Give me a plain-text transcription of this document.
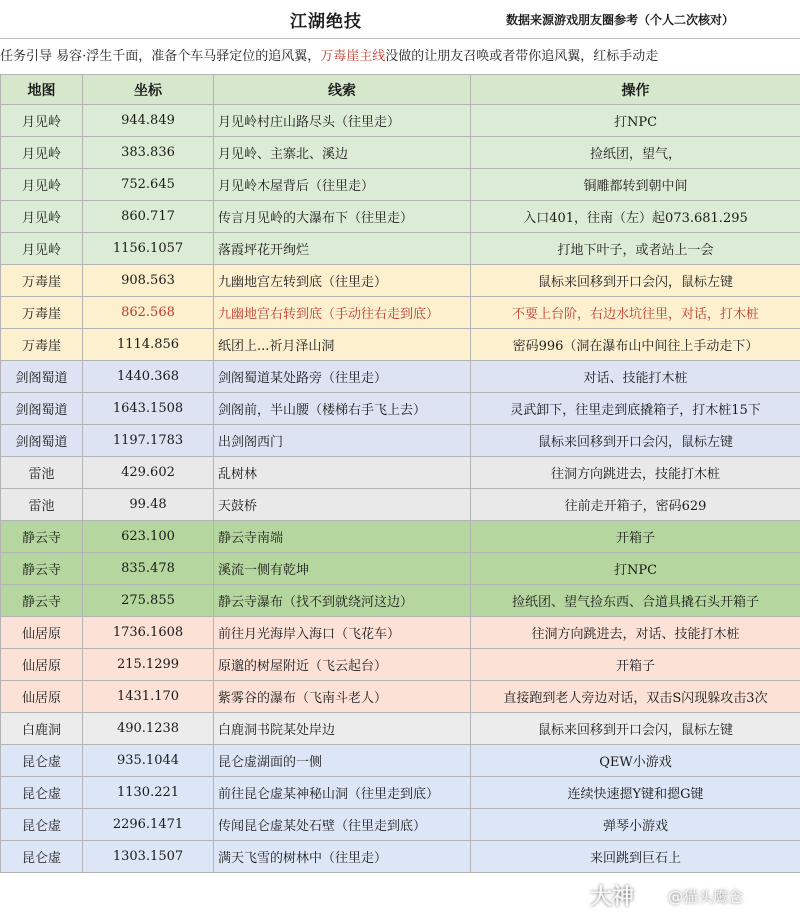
江湖绝技	数据来源游戏朋友圈参考（个人二次核对）
任务引导 易容·浮生千面，准备个车马驿定位的追风翼，万毒崖主线没做的让朋友召唤或者带你追风翼，红标手动走
地图	坐标	线索	操作
月见岭	944.849	月见岭村庄山路尽头（往里走）	打NPC
月见岭	383.836	月见岭、主寨北、溪边	捡纸团，望气，
月见岭	752.645	月见岭木屋背后（往里走）	铜雕都转到朝中间
月见岭	860.717	传言月见岭的大瀑布下（往里走）	入口401，往南（左）起073.681.295
月见岭	1156.1057	落霞坪花开绚烂	打地下叶子，或者站上一会
万毒崖	908.563	九幽地宫左转到底（往里走）	鼠标来回移到开口会闪，鼠标左键
万毒崖	862.568	九幽地宫右转到底（手动往右走到底）	不要上台阶，右边水坑往里，对话，打木桩
万毒崖	1114.856	纸团上...祈月泽山洞	密码996（洞在瀑布山中间往上手动走下）
剑阁蜀道	1440.368	剑阁蜀道某处路旁（往里走）	对话、技能打木桩
剑阁蜀道	1643.1508	剑阁前，半山腰（楼梯右手飞上去）	灵武卸下，往里走到底撬箱子，打木桩15下
剑阁蜀道	1197.1783	出剑阁西门	鼠标来回移到开口会闪，鼠标左键
雷池	429.602	乱树林	往洞方向跳进去，技能打木桩
雷池	99.48	天鼓桥	往前走开箱子，密码629
静云寺	623.100	静云寺南端	开箱子
静云寺	835.478	溪流一侧有乾坤	打NPC
静云寺	275.855	静云寺瀑布（找不到就绕河这边）	捡纸团、望气捡东西、合道具撬石头开箱子
仙居原	1736.1608	前往月光海岸入海口（飞花车）	往洞方向跳进去，对话、技能打木桩
仙居原	215.1299	原邈的树屋附近（飞云起台）	开箱子
仙居原	1431.170	紫雾谷的瀑布（飞南斗老人）	直接跑到老人旁边对话，双击S闪现躲攻击3次
白鹿洞	490.1238	白鹿洞书院某处岸边	鼠标来回移到开口会闪，鼠标左键
昆仑虚	935.1044	昆仑虚湖面的一侧	QEW小游戏
昆仑虚	1130.221	前往昆仑虚某神秘山洞（往里走到底）	连续快速摁Y键和摁G键
昆仑虚	2296.1471	传闻昆仑虚某处石壁（往里走到底）	弹琴小游戏
昆仑虚	1303.1507	满天飞雪的树林中（往里走）	来回跳到巨石上
大神 @猫头鹰念
